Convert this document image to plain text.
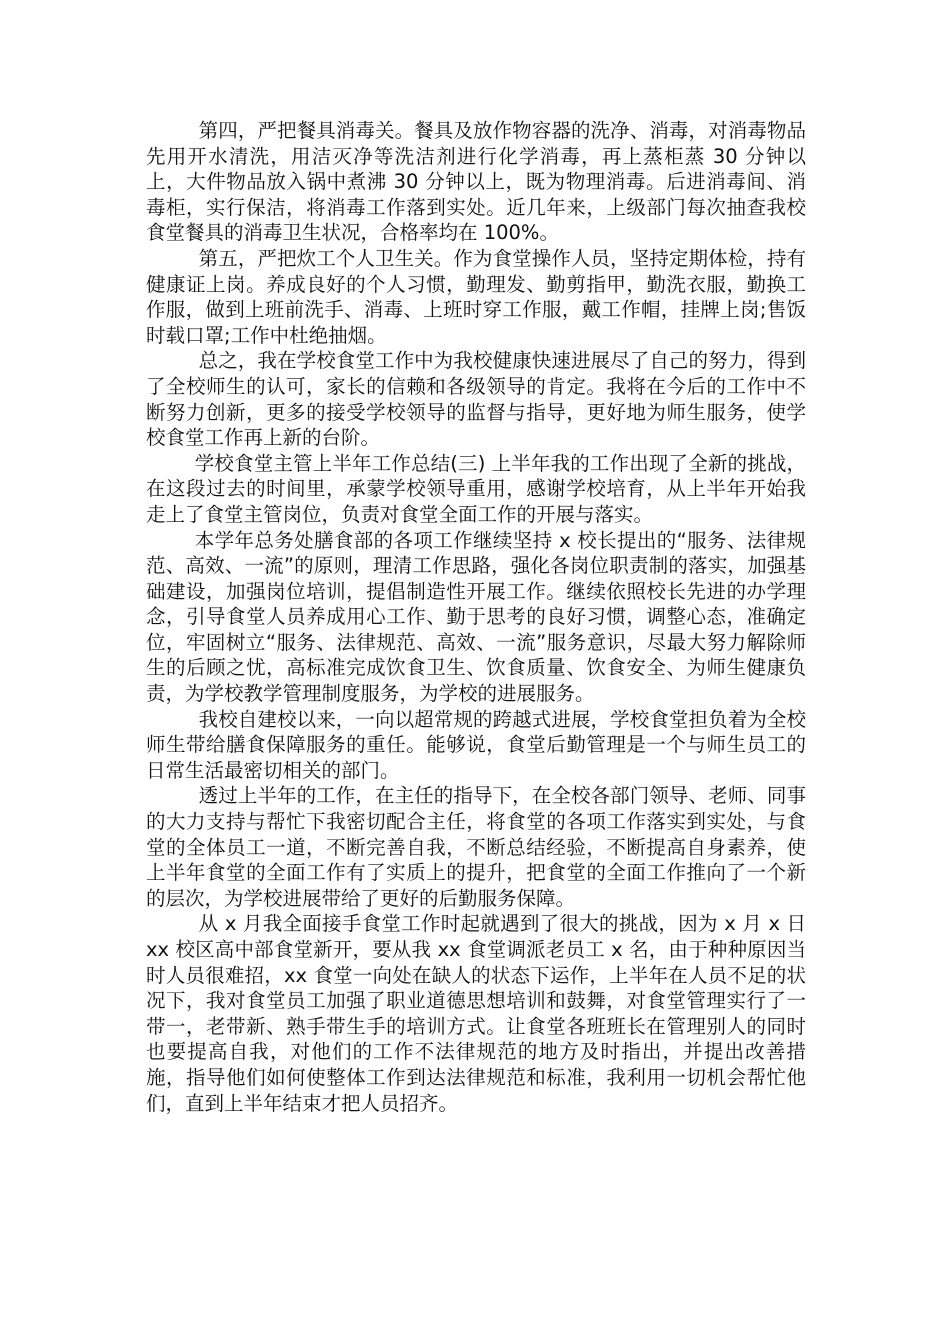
第四，严把餐具消毒关。餐具及放作物容器的洗净、消毒，对消毒物品先用开水清洗，用洁灭净等洗洁剂进行化学消毒，再上蒸柜蒸 30 分钟以上，大件物品放入锅中煮沸 30 分钟以上，既为物理消毒。后进消毒间、消毒柜，实行保洁，将消毒工作落到实处。近几年来，上级部门每次抽查我校食堂餐具的消毒卫生状况，合格率均在 100%。

第五，严把炊工个人卫生关。作为食堂操作人员，坚持定期体检，持有健康证上岗。养成良好的个人习惯，勤理发、勤剪指甲，勤洗衣服，勤换工作服，做到上班前洗手、消毒、上班时穿工作服，戴工作帽，挂牌上岗;售饭时载口罩;工作中杜绝抽烟。

总之，我在学校食堂工作中为我校健康快速进展尽了自己的努力，得到了全校师生的认可，家长的信赖和各级领导的肯定。我将在今后的工作中不断努力创新，更多的接受学校领导的监督与指导，更好地为师生服务，使学校食堂工作再上新的台阶。

学校食堂主管上半年工作总结(三) 上半年我的工作出现了全新的挑战，在这段过去的时间里，承蒙学校领导重用，感谢学校培育，从上半年开始我走上了食堂主管岗位，负责对食堂全面工作的开展与落实。

本学年总务处膳食部的各项工作继续坚持 x 校长提出的“服务、法律规范、高效、一流”的原则，理清工作思路，强化各岗位职责制的落实，加强基础建设，加强岗位培训，提倡制造性开展工作。继续依照校长先进的办学理念，引导食堂人员养成用心工作、勤于思考的良好习惯，调整心态，准确定位，牢固树立“服务、法律规范、高效、一流”服务意识，尽最大努力解除师生的后顾之忧，高标准完成饮食卫生、饮食质量、饮食安全、为师生健康负责，为学校教学管理制度服务，为学校的进展服务。

我校自建校以来，一向以超常规的跨越式进展，学校食堂担负着为全校师生带给膳食保障服务的重任。能够说，食堂后勤管理是一个与师生员工的日常生活最密切相关的部门。

透过上半年的工作，在主任的指导下，在全校各部门领导、老师、同事的大力支持与帮忙下我密切配合主任，将食堂的各项工作落实到实处，与食堂的全体员工一道，不断完善自我，不断总结经验，不断提高自身素养，使上半年食堂的全面工作有了实质上的提升，把食堂的全面工作推向了一个新的层次，为学校进展带给了更好的后勤服务保障。

从 x 月我全面接手食堂工作时起就遇到了很大的挑战，因为 x 月 x 日 xx 校区高中部食堂新开，要从我 xx 食堂调派老员工 x 名，由于种种原因当时人员很难招，xx 食堂一向处在缺人的状态下运作，上半年在人员不足的状况下，我对食堂员工加强了职业道德思想培训和鼓舞，对食堂管理实行了一带一，老带新、熟手带生手的培训方式。让食堂各班班长在管理别人的同时也要提高自我，对他们的工作不法律规范的地方及时指出，并提出改善措施，指导他们如何使整体工作到达法律规范和标准，我利用一切机会帮忙他们，直到上半年结束才把人员招齐。
